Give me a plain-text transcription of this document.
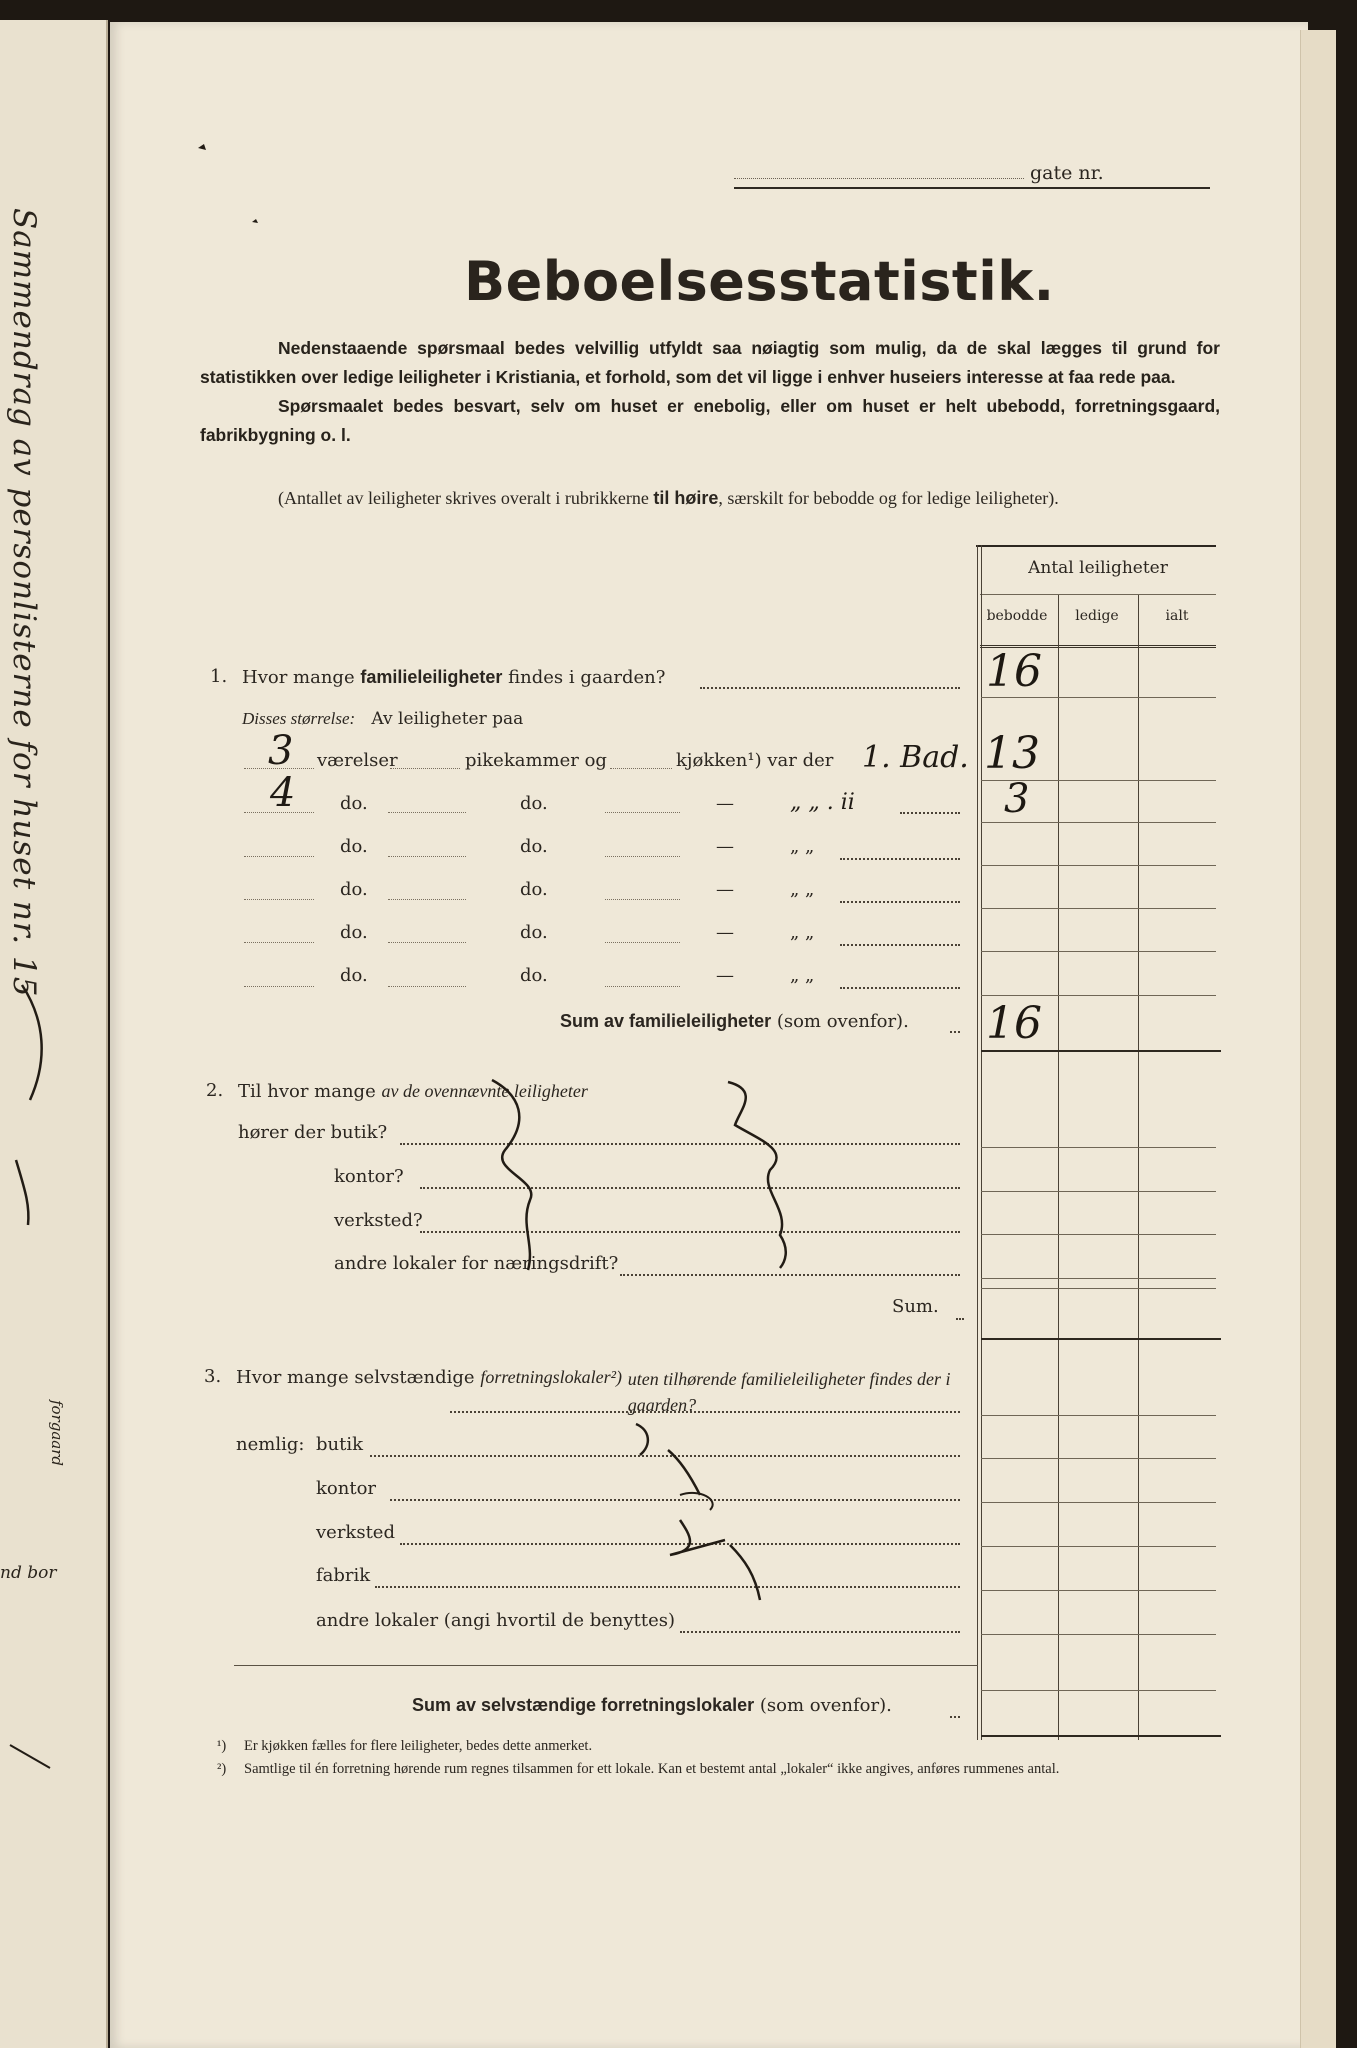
Sammendrag av personlisterne for huset nr. 15
forgaard
nd bor
gate nr.
Beboelsesstatistik.

Nedenstaaende spørsmaal bedes velvillig utfyldt saa nøiagtig som mulig, da de skal lægges til grund for statistikken over ledige leiligheter i Kristiania, et forhold, som det vil ligge i enhver huseiers interesse at faa rede paa.

Spørsmaalet bedes besvart, selv om huset er enebolig, eller om huset er helt ubebodd, forretningsgaard, fabrikbygning o. l.

(Antallet av leiligheter skrives overalt i rubrikkerne til høire, særskilt for bebodde og for ledige leiligheter).
Antal leiligheter
bebodde	ledige	ialt
1. Hvor mange familieleiligheter findes i gaarden?	16
Disses størrelse: Av leiligheter paa
3 værelser	pikekammer og	kjøkken¹) var der 1. Bad. 13
4 do.	do.	—	„ „ . ii	3
do.	do.	—	„ „
do.	do.	—	„ „
do.	do.	—	„ „
do.	do.	—	„ „
Sum av familieleiligheter (som ovenfor). 16
2. Til hvor mange av de ovennævnte leiligheter
hører der butik?
kontor?
verksted?
andre lokaler for næringsdrift?
Sum.
3. Hvor mange selvstændige forretningslokaler²) uten tilhørende familieleiligheter findes der i gaarden?
nemlig: butik
kontor
verksted
fabrik
andre lokaler (angi hvortil de benyttes)
Sum av selvstændige forretningslokaler (som ovenfor).
¹) Er kjøkken fælles for flere leiligheter, bedes dette anmerket.
²) Samtlige til én forretning hørende rum regnes tilsammen for ett lokale. Kan et bestemt antal „lokaler“ ikke angives, anføres rummenes antal.
